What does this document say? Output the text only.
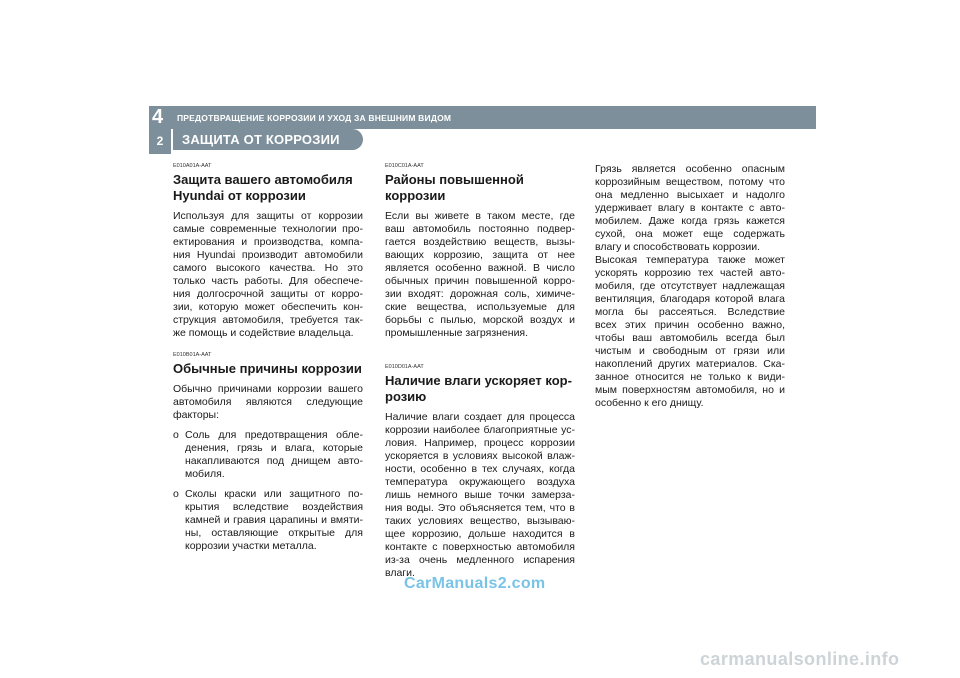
4 ПРЕДОТВРАЩЕНИЕ КОРРОЗИИ И УХОД ЗА ВНЕШНИМ ВИДОМ
2	ЗАЩИТА ОТ КОРРОЗИИ

E010A01A-AAT

Защита вашего автомобиля Hyundai от коррозии

Используя для защиты от коррозии самые современные технологии про-ектирования и производства, компа-ния Hyundai производит автомобили самого высокого качества. Но это только часть работы. Для обеспече-ния долгосрочной защиты от корро-зии, которую может обеспечить кон-струкция автомобиля, требуется так-же помощь и содействие владельца.

E010B01A-AAT

Обычные причины коррозии

Обычно причинами коррозии вашего автомобиля являются следующие факторы:

o Соль для предотвращения обле-денения, грязь и влага, которые накапливаются под днищем авто-мобиля.
o Сколы краски или защитного по-крытия вследствие воздействия камней и гравия царапины и вмяти-ны, оставляющие открытые для коррозии участки металла.

E010C01A-AAT

Районы повышенной коррозии

Если вы живете в таком месте, где ваш автомобиль постоянно подвер-гается воздействию веществ, вызы-вающих коррозию, защита от нее является особенно важной. В число обычных причин повышенной корро-зии входят: дорожная соль, химиче-ские вещества, используемые для борьбы с пылью, морской воздух и промышленные загрязнения.

E010D01A-AAT

Наличие влаги ускоряет кор-розию

Наличие влаги создает для процесса коррозии наиболее благоприятные ус-ловия. Например, процесс коррозии ускоряется в условиях высокой влаж-ности, особенно в тех случаях, когда температура окружающего воздуха лишь немного выше точки замерза-ния воды. Это объясняется тем, что в таких условиях вещество, вызываю-щее коррозию, дольше находится в контакте с поверхностью автомобиля из-за очень медленного испарения влаги.

Грязь является особенно опасным коррозийным веществом, потому что она медленно высыхает и надолго удерживает влагу в контакте с авто-мобилем. Даже когда грязь кажется сухой, она может еще содержать влагу и способствовать коррозии.

Высокая температура также может ускорять коррозию тех частей авто-мобиля, где отсутствует надлежащая вентиляция, благодаря которой влага могла бы рассеяться. Вследствие всех этих причин особенно важно, чтобы ваш автомобиль всегда был чистым и свободным от грязи или накоплений других материалов. Ска-занное относится не только к види-мым поверхностям автомобиля, но и особенно к его днищу.

CarManuals2.com
carmanualsonline.info
